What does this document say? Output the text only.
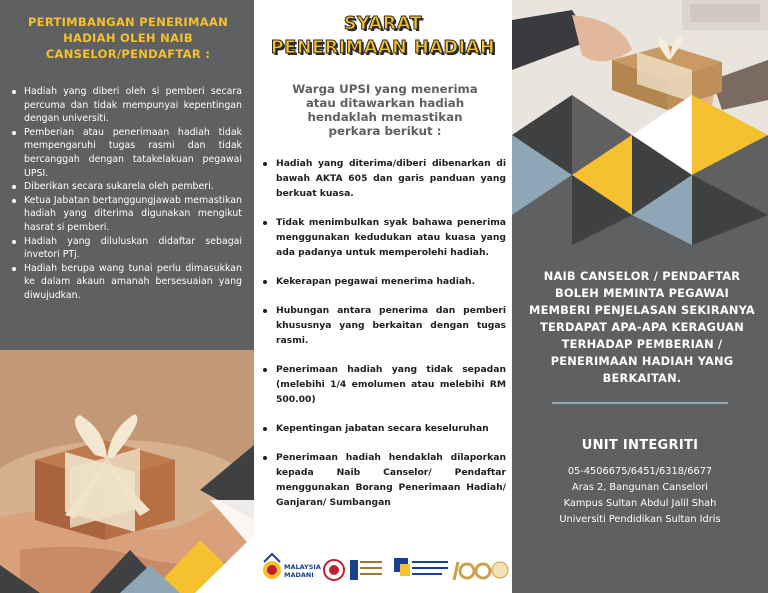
PERTIMBANGAN PENERIMAAN HADIAH OLEH NAIB CANSELOR/PENDAFTAR :
Hadiah yang diberi oleh si pemberi secara percuma dan tidak mempunyai kepentingan dengan universiti.
Pemberian atau penerimaan hadiah tidak mempengaruhi tugas rasmi dan tidak bercanggah dengan tatakelakuan pegawai UPSI.
Diberikan secara sukarela oleh pemberi.
Ketua Jabatan bertanggungjawab memastikan hadiah yang diterima digunakan mengikut hasrat si pemberi.
Hadiah yang diluluskan didaftar sebagai invetori PTj.
Hadiah berupa wang tunai perlu dimasukkan ke dalam akaun amanah bersesuaian yang diwujudkan.
SYARAT
PENERIMAAN HADIAH
Warga UPSI yang menerima atau ditawarkan hadiah hendaklah memastikan perkara berikut :
Hadiah yang diterima/diberi dibenarkan di bawah AKTA 605 dan garis panduan yang berkuat kuasa.
Tidak menimbulkan syak bahawa penerima menggunakan kedudukan atau kuasa yang ada padanya untuk memperolehi hadiah.
Kekerapan pegawai menerima hadiah.
Hubungan antara penerima dan pemberi khususnya yang berkaitan dengan tugas rasmi.
Penerimaan hadiah yang tidak sepadan (melebihi 1/4 emolumen atau melebihi RM 500.00)
Kepentingan jabatan secara keseluruhan
Penerimaan hadiah hendaklah dilaporkan kepada Naib Canselor/ Pendaftar menggunakan Borang Penerimaan Hadiah/ Ganjaran/ Sumbangan
MALAYSIA
MADANI
NAIB CANSELOR / PENDAFTAR BOLEH MEMINTA PEGAWAI MEMBERI PENJELASAN SEKIRANYA TERDAPAT APA-APA KERAGUAN TERHADAP PEMBERIAN / PENERIMAAN HADIAH YANG BERKAITAN.
UNIT INTEGRITI
05-4506675/6451/6318/6677
Aras 2, Bangunan Canselori
Kampus Sultan Abdul Jalil Shah
Universiti Pendidikan Sultan Idris
